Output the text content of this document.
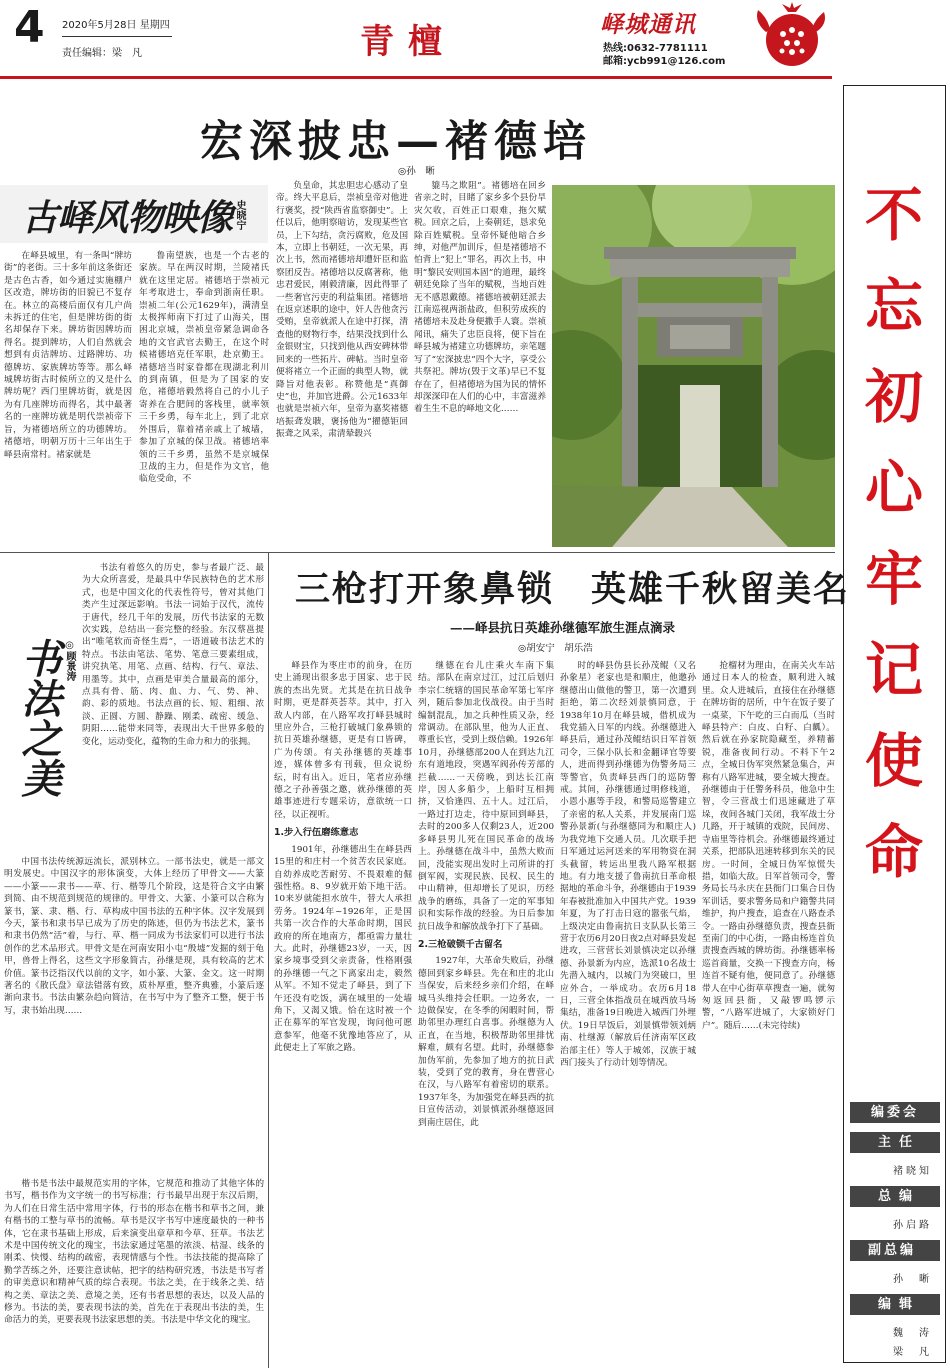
4 2020年5月28日 星期四
责任编辑：梁　凡	青檀	峄城通讯
热线:0632-7781111
邮箱:ycb991@126.com
不
忘
初
心
牢
记
使
命
编委会
主任
褚晓知
总编
孙启路
副总编
孙　晰
编辑
魏　涛
梁　凡
宏深披忠—褚德培
◎孙　晰
古峄风物映像 史晓宁

在峄县城里，有一条叫“牌坊街”的老街。三十多年前这条街还是古色古香，如今通过实施棚户区改造，牌坊街的旧貌已不复存在。林立的高楼后面仅有几户尚未拆迁的住宅，但是牌坊街的街名却保存下来。牌坊街因牌坊而得名。提到牌坊，人们自然就会想到有贞洁牌坊、过路牌坊、功德牌坊、家族牌坊等等。那么峄城牌坊街古时候所立的又是什么牌坊呢？西门里牌坊街，就是因为有几座牌坊而得名，其中最著名的一座牌坊就是明代崇祯帝下旨，为褚德培所立的功德牌坊。褚德培，明朝万历十三年出生于峄县南常村。褚家就是

鲁南望族，也是一个古老的家族。早在两汉时期，兰陵褚氏就在这里定居。褚德培于崇祯元年考取进士，奉命到浙南任职。崇祯二年(公元1629年)，满清皇太极挥师南下打过了山海关，围困北京城，崇祯皇帝紧急调命各地的文官武官去勤王，在这个时候褚德培克任军职，赴京勤王。褚德培当时家眷都在现湖北利川的到南镇，但是为了国家的安危，褚德培毅然将自己的小儿子寄养在合肥间的客栈里，就率领三千乡勇，每车北上，到了北京外围后，靠着褚亲戚上了城墙，参加了京城的保卫战。褚德培率领的三千乡勇，虽然不是京城保卫战的主力，但是作为文官，他临危受命，不

负皇命，其忠胆忠心感动了皇帝。终大平息后，崇祯皇帝对他进行褒奖，授“陕西省监察御史”。上任以后，他明察暗访，发现某些官员，上下勾结，贪污腐败，危及国本，立即上书朝廷，一次无果，再次上书，然而褚德培却遭奸臣和监察团反告。褚德培以反腐著称，他忠君爱民，刚毅清廉，因此得罪了一些奢官污吏的利益集团。褚德培在返京述职的途中，奸人告他贪污受贿，皇帝就派人在途中打探，清查他的财物行李，结果没找到什么金银财宝，只找到他从西安碑林带回来的一些拓片、碑帖。当时皇帝便将褚立一个正面的典型人物，就降旨对他表彰。称赞他是“真御史”也，并加官进爵。公元1633年也就是崇祯六年，皇帝为嘉奖褚德培振聋发聩，褒扬他为“擢德钜回振聋之风采，肃清辇毂兴

貔马之欺阻”。褚德培在回乡省亲之时，目睹了家乡多个县份旱灾欠收，百姓正口艰难，拖欠赋税。回京之后，上奏朝廷，恳求免除百姓赋税。皇帝怀疑他暗合乡绅，对他严加训斥，但是褚德培不怕背上“犯上”罪名，再次上书，申明“黎民安则国本固”的道理，最终朝廷免除了当年的赋税，当地百姓无不感恩戴德。褚德培被朝廷派去江南巡视两浙盐政，但积劳成疾的褚德培未及赴身便撒手人寰。崇祯闻讯，痛失了忠臣良将，便下旨在峄县城为褚建立功德牌坊，亲笔题写了“宏深披忠”四个大字，享受公共祭祀。牌坊(毁于文革)早已不复存在了，但褚德培为国为民的情怀却深深印在人们的心中，丰富滋养着生生不息的峄地文化……

三枪打开象鼻锁　英雄千秋留美名
——峄县抗日英雄孙继德军旅生涯点滴录
◎胡安宁　胡乐浩

峄县作为枣庄市的前身，在历史上涌现出很多忠于国家、忠于民族的杰出先贤。尤其是在抗日战争时期，更是群英荟萃。其中，打入敌人内部，在八路军攻打峄县城时里应外合，三枪打破城门象鼻锁的抗日英雄孙继德，更是有口皆碑，广为传颂。有关孙继德的英雄事迹，媒体曾多有刊载，但众说纷纭，时有出入。近日，笔者应孙继德之子孙善强之邀，就孙继德的英雄事迹进行专题采访，意欲统一口径，以正视听。

1.步入行伍磨练意志

1901年，孙继德出生在峄县西15里的和庄村一个贫苦农民家庭。自幼养成吃苦耐劳、不畏艰难的倔强性格。8、9岁就开始下地干活。10来岁就能担水放牛，替大人承担劳务。1924年~1926年，正是国共第一次合作的大革命时期，国民政府的所在地南方，都亟需力量壮大。此时，孙继德23岁，一天，因家乡境事受到父亲责备，性格刚强的孙继德一气之下离家出走，毅然从军。不知不觉走了峄县，到了下午还没有吃饭，满在城里的一处墙角下，又渴又饿。恰在这时被一个正在募军的军官发现，询问他可愿意参军，他毫不犹豫地答应了，从此便走上了军旅之路。

继德在台儿庄乘火车南下集结。部队在南京过江，过江后划归李宗仁统辖的国民革命军第七军序列，随后参加北伐战役。由于当时编制混乱，加之兵种性质又杂，经常调动。在部队里，他为人正直、尊重长官，受到上级信赖。1926年10月，孙继德部200人在到达九江东有道地段，突遇军阀孙传芳部的拦截……一天傍晚，到达长江南岸，因人多船少，上船时互相拥挤，又恰逢四、五十人。过江后，一路过打边走，待中原回到峄县，去时的200多人仅剩23人，近200多峄县男儿死在国民革命的战场上。孙继德在战斗中，虽然大败而回，没能实现出发时上司所讲的打倒军阀，实现民族、民权、民生的中山精神，但却增长了见识，历经战争的磨练，具备了一定的军事知识和实际作战的经验。为日后参加抗日战争和解放战争打下了基础。

2.三枪破锁千古留名

1927年，大革命失败后，孙继德回到家乡峄县。先在和庄的北山当保安，后来经乡亲们介绍，在峄城马头维持会任职。一边务农，一边做保安，在冬季的闲暇时间，帮助邻里办理红白喜事。孙继德为人正直，在当地，积极帮助邻里排忧解难，颇有名望。此时，孙继德参加伪军前，先参加了地方的抗日武装，受到了党的教育，身在曹营心在汉，与八路军有着密切的联系。1937年冬，为加强党在峄县西的抗日宣传活动，刘景慎派孙继德返回到南庄居住，此

时的峄县伪县长孙茂鲲（又名孙象星）老家也是和顺庄，他邀孙继德出山做他的警卫，第一次遭到拒绝，第二次经刘景慎同意，于1938年10月在峄县城，借机成为我党插入日军的内线。孙继德进入峄县后，通过孙茂鲲结识日军首领司令，三保小队长和金翻译官等要人，进而得到孙继德为伪警务局三等警官，负责峄县西门的巡防警戒。其间，孙继德通过明修栈道，小恩小惠等手段，和警局巡警建立了亲密的私人关系，并发展南门巡警孙景新(与孙继德同为和顺庄人)为我党地下交通人员。几次联手把日军通过运河送来的军用物资在洞头截留，转运出里我八路军根据地。有力地支援了鲁南抗日革命根据地的革命斗争，孙继德由于1939年春被批准加入中国共产党。1939年夏，为了打击日寇的嚣张气焰，上级决定由鲁南抗日支队队长第三营于农历6月20日夜2点对峄县发起进攻，三营营长刘景慎决定以孙继德、孙景新为内应，选派10名战士先潜入城内，以城门为突破口，里应外合，一举成功。农历6月18日，三营全体指战员在城西放马场集结，准备19日晚进入城西门外埋伏。19日早饭后，刘景慎带领刘炳南、杜继源（解放后任济南军区政治部主任）等人于城郊，汉族于城西门接头了行动计划等情况。

抢榴材为理由，在南关火车站通过日本人的检查，顺利进入城里。众人进城后，直接住在孙继德在牌坊街的居所，中午在饭子要了一桌菜，下午吃的三白而瓜（当时峄县特产：白皮、白籽、白瓤）。然后就在孙家院隐藏至，养精蓄锐，准备夜间行动。不料下午2点，全城日伪军突然紧急集合，声称有八路军进城，要全城大搜查。孙继德由于任警务科员，他急中生智，令三营战士们迅速藏进了草垛，夜间各城门关闭，我军战士分几路，开于城镇的戏院，民间房、寺庙里等待机会。孙继德最终通过关系，把部队迅速转移到东关的民房。一时间，全城日伪军惊慌失措，如临大敌。日军首领司令，警务局长马永庆在县衙门口集合日伪军训话，要求警务局和户籍警共同维护，拘户搜查，追查在八路查杀令。一路由孙继德负责，搜查县衙至南门的中心街，一路由杨连首负责搜查西城的牌坊街。孙继德率杨巡首商量，交换一下搜查方向，杨连首不疑有他，便同意了。孙继德带人在中心街草草搜查一遍，就匆匆返回县衙，又敲锣鸣锣示警，“八路军进城了，大家锁好门户”。随后……(未完待续)

书法之美 ◎顾景涛

书法有着悠久的历史，参与者最广泛、最为大众所喜爱，是最具中华民族特色的艺术形式，也是中国文化的代表性符号，曾对其他门类产生过深远影响。书法一词始于汉代，流传于唐代，经几千年的发展，历代书法家的无数次实践，总结出一套完整的经验。东汉蔡邕提出“唯笔软而奇怪生焉”，一语道破书法艺术的特点。书法由笔法、笔势、笔意三要素组成，讲究执笔、用笔、点画、结构、行气、章法、用墨等。其中，点画是审美合量最高的部分，点具有骨、筋、肉、血、力、气、势、神、韵、彩的质地。书法点画的长、短、粗细、浓淡、正圆、方圆、静躁、刚柔、疏密、缓急、阴阳……能带来同等，表现出大千世界多般的变化，运动变化，蕴物的生命力和力的张拥。

中国书法传统源远流长，派别林立。一部书法史，就是一部文明发展史。中国汉字的形体演变，大体上经历了甲骨文——大篆——小篆——隶书——草、行、楷等几个阶段，这是符合文字由繁到简、由不规范到规范的规律的。甲骨文、大篆、小篆可以合称为篆书，篆、隶、楷、行、草构成中国书法的五种字体。汉字发展到今天，篆书和隶书早已成为了历史的陈迹，但仍为书法艺术，篆书和隶书仍然“活”着，与行、草、楷一同成为书法家们可以进行书法创作的艺术品形式。甲骨文是在河南安阳小屯“殷墟”发掘的刻于龟甲，兽骨上得名，这些文字形象简古，孙继是现，具有较高的艺术价值。篆书泛指汉代以前的文字，如小篆、大篆、金文。这一时期著名的《散氏盘》章法错落有致，质朴厚重，整齐典雅，小篆后逐渐向隶书。书法由繁杂趋向简洁，在书写中为了整齐工整，便于书写，隶书始出现……

楷书是书法中最规范实用的字体，它规范和推动了其他字体的书写，楷书作为文字统一的书写标准；行书最早出现于东汉后期，为人们在日常生活中常用字体，行书的形态在楷书和草书之间，兼有楷书的工整与草书的流畅。草书是汉字书写中速度最快的一种书体，它在隶书基础上形成，后来演变出章草和今草、狂草。书法艺术是中国传统文化的瑰宝，书法家通过笔墨的浓淡、枯湿、线条的刚柔、快慢、结构的疏密，表现情感与个性。书法技能的提高除了勤学苦练之外，还要注意读帖，把字的结构研究透，书法是书写者的审美意识和精神气质的综合表现。书法之美，在于线条之美、结构之美、章法之美、意境之美，还有书者思想的表达，以及人品的修为。书法的美，要表现书法的美，首先在于表现出书法的美，生命活力的美，更要表现书法家思想的美。书法是中华文化的瑰宝。
